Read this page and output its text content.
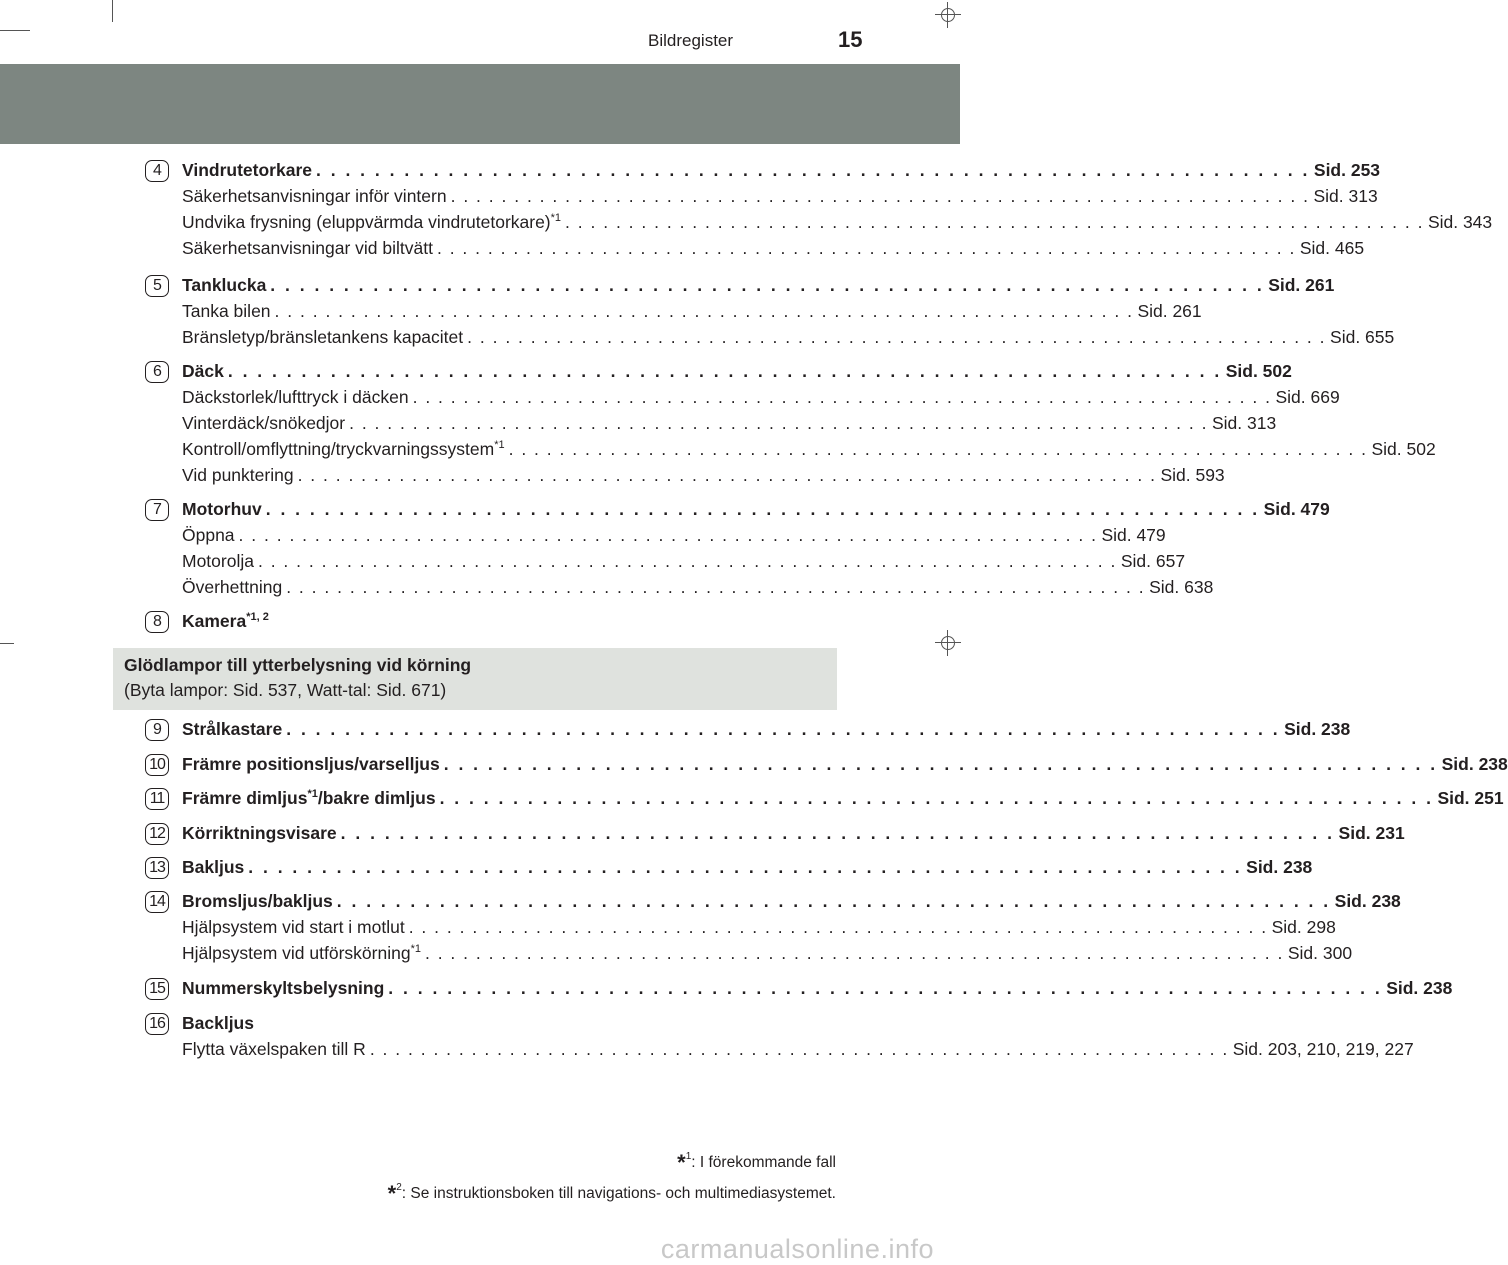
Bildregister	15
4	Vindrutetorkare . . . . . . . . . . . . . . . . . . . . . . . . . . . . . . . . . . . . . . . . . . . . . . . . . . . . . . . . . . . . . . . . . . . . Sid. 253
Säkerhetsanvisningar inför vintern . . . . . . . . . . . . . . . . . . . . . . . . . . . . . . . . . . . . . . . . . . . . . . . . . . . . . . . . . . . . . . . . . . . . Sid. 313
Undvika frysning (eluppvärmda vindrutetorkare)$^{*1}$ . . . . . . . . . . . . . . . . . . . . . . . . . . . . . . . . . . . . . . . . . . . . . . . . . . . . . . . . . . . . . . . . . . . . Sid. 343
Säkerhetsanvisningar vid biltvätt . . . . . . . . . . . . . . . . . . . . . . . . . . . . . . . . . . . . . . . . . . . . . . . . . . . . . . . . . . . . . . . . . . . . Sid. 465
5	Tanklucka . . . . . . . . . . . . . . . . . . . . . . . . . . . . . . . . . . . . . . . . . . . . . . . . . . . . . . . . . . . . . . . . . . . . Sid. 261
Tanka bilen . . . . . . . . . . . . . . . . . . . . . . . . . . . . . . . . . . . . . . . . . . . . . . . . . . . . . . . . . . . . . . . . . . . . Sid. 261
Bränsletyp/bränsletankens kapacitet . . . . . . . . . . . . . . . . . . . . . . . . . . . . . . . . . . . . . . . . . . . . . . . . . . . . . . . . . . . . . . . . . . . . Sid. 655
6	Däck . . . . . . . . . . . . . . . . . . . . . . . . . . . . . . . . . . . . . . . . . . . . . . . . . . . . . . . . . . . . . . . . . . . . Sid. 502
Däckstorlek/lufttryck i däcken . . . . . . . . . . . . . . . . . . . . . . . . . . . . . . . . . . . . . . . . . . . . . . . . . . . . . . . . . . . . . . . . . . . . Sid. 669
Vinterdäck/snökedjor . . . . . . . . . . . . . . . . . . . . . . . . . . . . . . . . . . . . . . . . . . . . . . . . . . . . . . . . . . . . . . . . . . . . Sid. 313
Kontroll/omflyttning/tryckvarningssystem$^{*1}$ . . . . . . . . . . . . . . . . . . . . . . . . . . . . . . . . . . . . . . . . . . . . . . . . . . . . . . . . . . . . . . . . . . . . Sid. 502
Vid punktering . . . . . . . . . . . . . . . . . . . . . . . . . . . . . . . . . . . . . . . . . . . . . . . . . . . . . . . . . . . . . . . . . . . . Sid. 593
7	Motorhuv . . . . . . . . . . . . . . . . . . . . . . . . . . . . . . . . . . . . . . . . . . . . . . . . . . . . . . . . . . . . . . . . . . . . Sid. 479
Öppna . . . . . . . . . . . . . . . . . . . . . . . . . . . . . . . . . . . . . . . . . . . . . . . . . . . . . . . . . . . . . . . . . . . . Sid. 479
Motorolja . . . . . . . . . . . . . . . . . . . . . . . . . . . . . . . . . . . . . . . . . . . . . . . . . . . . . . . . . . . . . . . . . . . . Sid. 657
Överhettning . . . . . . . . . . . . . . . . . . . . . . . . . . . . . . . . . . . . . . . . . . . . . . . . . . . . . . . . . . . . . . . . . . . . Sid. 638
8	Kamera$^{*1, 2}$
9	Strålkastare . . . . . . . . . . . . . . . . . . . . . . . . . . . . . . . . . . . . . . . . . . . . . . . . . . . . . . . . . . . . . . . . . . . . Sid. 238
10 Främre positionsljus/varselljus . . . . . . . . . . . . . . . . . . . . . . . . . . . . . . . . . . . . . . . . . . . . . . . . . . . . . . . . . . . . . . . . . . . . Sid. 238
11 Främre dimljus$^{*1}$/bakre dimljus . . . . . . . . . . . . . . . . . . . . . . . . . . . . . . . . . . . . . . . . . . . . . . . . . . . . . . . . . . . . . . . . . . . . Sid. 251
12 Körriktningsvisare . . . . . . . . . . . . . . . . . . . . . . . . . . . . . . . . . . . . . . . . . . . . . . . . . . . . . . . . . . . . . . . . . . . . Sid. 231
13 Bakljus . . . . . . . . . . . . . . . . . . . . . . . . . . . . . . . . . . . . . . . . . . . . . . . . . . . . . . . . . . . . . . . . . . . . Sid. 238
14 Bromsljus/bakljus . . . . . . . . . . . . . . . . . . . . . . . . . . . . . . . . . . . . . . . . . . . . . . . . . . . . . . . . . . . . . . . . . . . . Sid. 238
Hjälpsystem vid start i motlut . . . . . . . . . . . . . . . . . . . . . . . . . . . . . . . . . . . . . . . . . . . . . . . . . . . . . . . . . . . . . . . . . . . . Sid. 298
Hjälpsystem vid utförskörning$^{*1}$ . . . . . . . . . . . . . . . . . . . . . . . . . . . . . . . . . . . . . . . . . . . . . . . . . . . . . . . . . . . . . . . . . . . . Sid. 300
15 Nummerskyltsbelysning . . . . . . . . . . . . . . . . . . . . . . . . . . . . . . . . . . . . . . . . . . . . . . . . . . . . . . . . . . . . . . . . . . . . Sid. 238
16 Backljus
Flytta växelspaken till R . . . . . . . . . . . . . . . . . . . . . . . . . . . . . . . . . . . . . . . . . . . . . . . . . . . . . . . . . . . . . . . . . . . . Sid. 203, 210, 219, 227
Glödlampor till ytterbelysning vid körning
(Byta lampor: Sid. 537, Watt-tal: Sid. 671)
*$^1$: I förekommande fall
*$^2$: Se instruktionsboken till navigations- och multimediasystemet.
carmanualsonline.info
